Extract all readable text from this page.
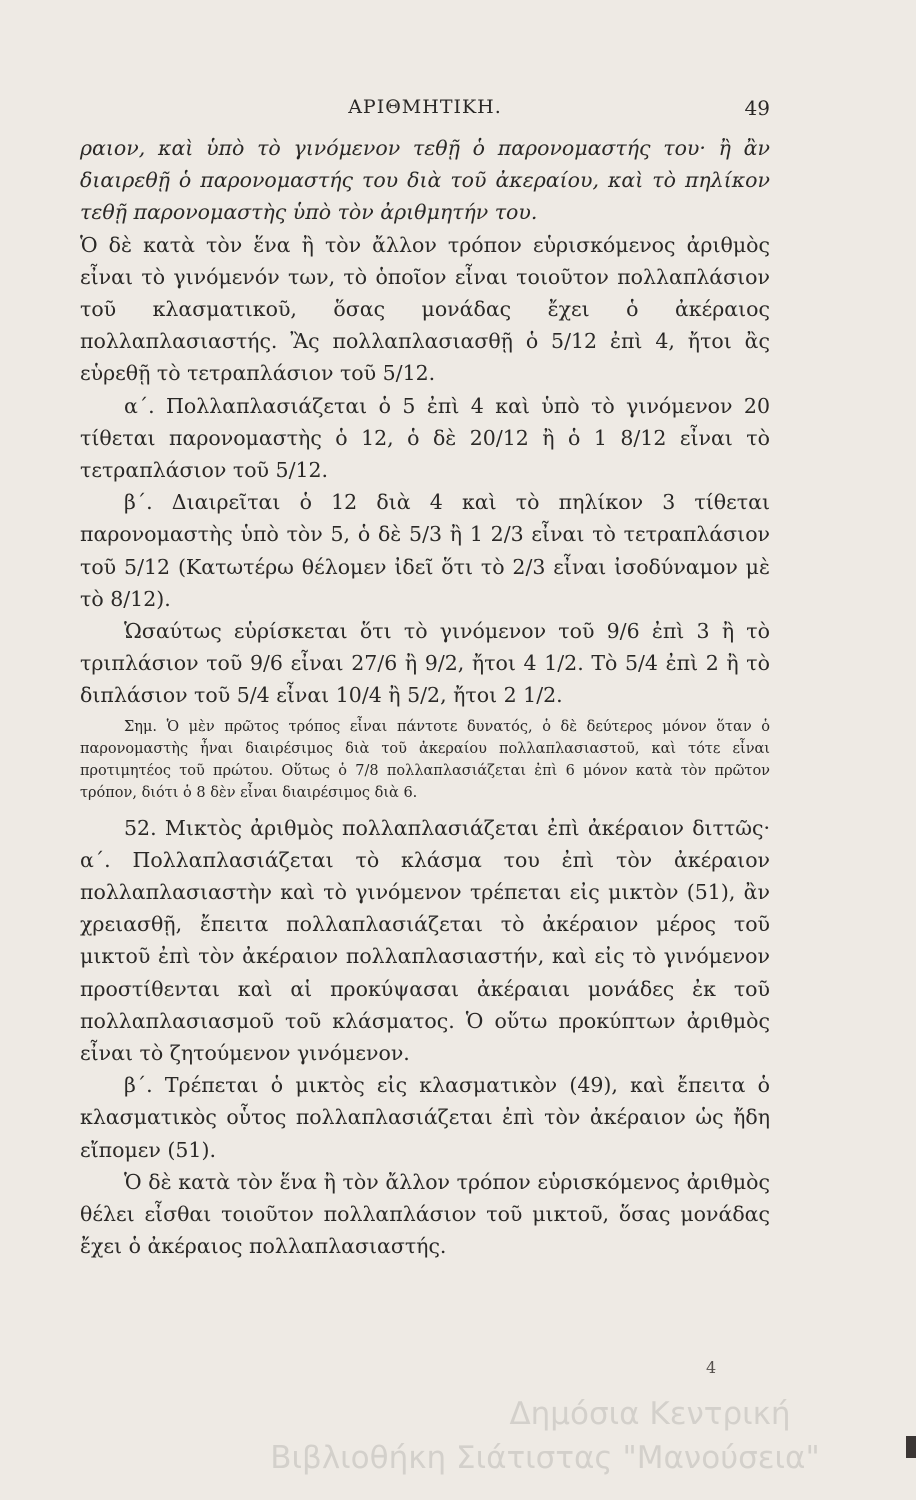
ΑΡΙΘΜΗΤΙΚΗ.	49

ραιον, καὶ ὑπὸ τὸ γινόμενον τεθῇ ὁ παρονομαστής του· ἢ ἂν διαιρεθῇ ὁ παρονομαστής του διὰ τοῦ ἀκεραίου, καὶ τὸ πηλίκον τεθῇ παρονομαστὴς ὑπὸ τὸν ἀριθμητήν του.

Ὁ δὲ κατὰ τὸν ἕνα ἢ τὸν ἄλλον τρόπον εὑρισκόμενος ἀριθμὸς εἶναι τὸ γινόμενόν των, τὸ ὁποῖον εἶναι τοιοῦτον πολλαπλάσιον τοῦ κλασματικοῦ, ὅσας μονάδας ἔχει ὁ ἀκέραιος πολλαπλασιαστής. Ἂς πολλαπλασιασθῇ ὁ 5/12 ἐπὶ 4, ἤτοι ἂς εὑρεθῇ τὸ τετραπλάσιον τοῦ 5/12.

α΄. Πολλαπλασιάζεται ὁ 5 ἐπὶ 4 καὶ ὑπὸ τὸ γινόμενον 20 τίθεται παρονομαστὴς ὁ 12, ὁ δὲ 20/12 ἢ ὁ 1 8/12 εἶναι τὸ τετραπλάσιον τοῦ 5/12.

β΄. Διαιρεῖται ὁ 12 διὰ 4 καὶ τὸ πηλίκον 3 τίθεται παρονομαστὴς ὑπὸ τὸν 5, ὁ δὲ 5/3 ἢ 1 2/3 εἶναι τὸ τετραπλάσιον τοῦ 5/12 (Κατωτέρω θέλομεν ἰδεῖ ὅτι τὸ 2/3 εἶναι ἰσοδύναμον μὲ τὸ 8/12).

Ὡσαύτως εὑρίσκεται ὅτι τὸ γινόμενον τοῦ 9/6 ἐπὶ 3 ἢ τὸ τριπλάσιον τοῦ 9/6 εἶναι 27/6 ἢ 9/2, ἤτοι 4 1/2. Τὸ 5/4 ἐπὶ 2 ἢ τὸ διπλάσιον τοῦ 5/4 εἶναι 10/4 ἢ 5/2, ἤτοι 2 1/2.

Σημ. Ὁ μὲν πρῶτος τρόπος εἶναι πάντοτε δυνατός, ὁ δὲ δεύτερος μόνον ὅταν ὁ παρονομαστὴς ἦναι διαιρέσιμος διὰ τοῦ ἀκεραίου πολλαπλασιαστοῦ, καὶ τότε εἶναι προτιμητέος τοῦ πρώτου. Οὕτως ὁ 7/8 πολλαπλασιάζεται ἐπὶ 6 μόνον κατὰ τὸν πρῶτον τρόπον, διότι ὁ 8 δὲν εἶναι διαιρέσιμος διὰ 6.

52. Μικτὸς ἀριθμὸς πολλαπλασιάζεται ἐπὶ ἀκέραιον διττῶς· α΄. Πολλαπλασιάζεται τὸ κλάσμα του ἐπὶ τὸν ἀκέραιον πολλαπλασιαστὴν καὶ τὸ γινόμενον τρέπεται εἰς μικτὸν (51), ἂν χρειασθῇ, ἔπειτα πολλαπλασιάζεται τὸ ἀκέραιον μέρος τοῦ μικτοῦ ἐπὶ τὸν ἀκέραιον πολλαπλασιαστήν, καὶ εἰς τὸ γινόμενον προστίθενται καὶ αἱ προκύψασαι ἀκέραιαι μονάδες ἐκ τοῦ πολλαπλασιασμοῦ τοῦ κλάσματος. Ὁ οὕτω προκύπτων ἀριθμὸς εἶναι τὸ ζητούμενον γινόμενον.

β΄. Τρέπεται ὁ μικτὸς εἰς κλασματικὸν (49), καὶ ἔπειτα ὁ κλασματικὸς οὗτος πολλαπλασιάζεται ἐπὶ τὸν ἀκέραιον ὡς ἤδη εἴπομεν (51).

Ὁ δὲ κατὰ τὸν ἕνα ἢ τὸν ἄλλον τρόπον εὑρισκόμενος ἀριθμὸς θέλει εἶσθαι τοιοῦτον πολλαπλάσιον τοῦ μικτοῦ, ὅσας μονάδας ἔχει ὁ ἀκέραιος πολλαπλασιαστής.

4
Δημόσια Κεντρική
Βιβλιοθήκη Σιάτιστας "Μανούσεια"
